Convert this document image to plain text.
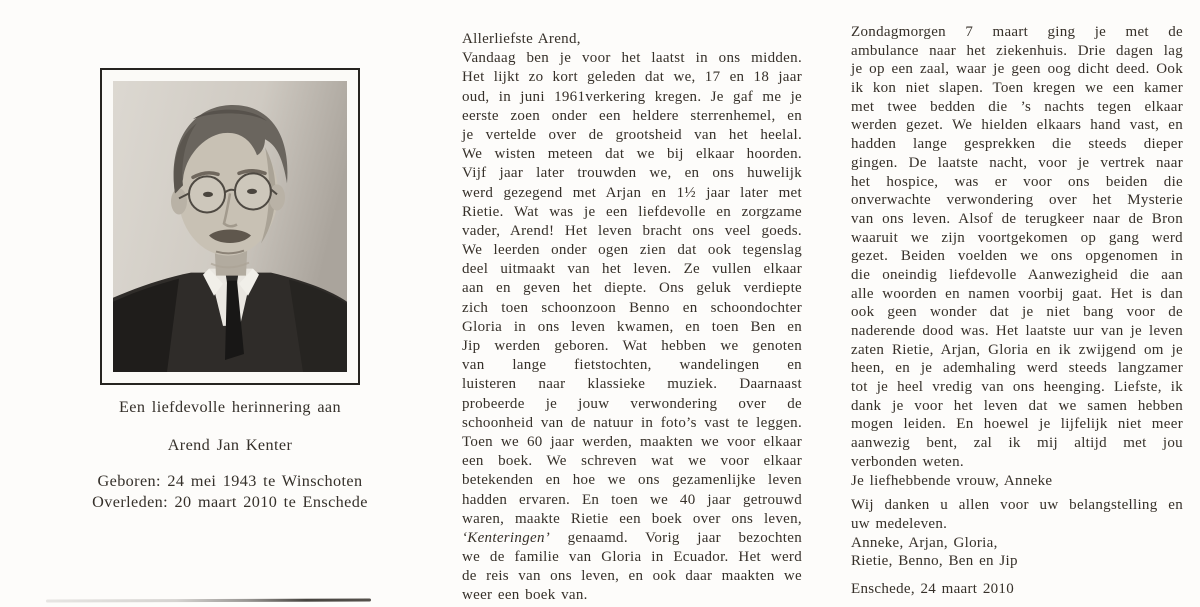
Een liefdevolle herinnering aan
Arend Jan Kenter
Geboren: 24 mei 1943 te Winschoten
Overleden: 20 maart 2010 te Enschede
Allerliefste Arend,
Vandaag ben je voor het laatst in ons midden.
Het lijkt zo kort geleden dat we, 17 en 18 jaar
oud, in juni 1961verkering kregen. Je gaf me je
eerste zoen onder een heldere sterrenhemel, en
je vertelde over de grootsheid van het heelal.
We wisten meteen dat we bij elkaar hoorden.
Vijf jaar later trouwden we, en ons huwelijk
werd gezegend met Arjan en 1½ jaar later met
Rietie. Wat was je een liefdevolle en zorgzame
vader, Arend! Het leven bracht ons veel goeds.
We leerden onder ogen zien dat ook tegenslag
deel uitmaakt van het leven. Ze vullen elkaar
aan en geven het diepte. Ons geluk verdiepte
zich toen schoonzoon Benno en schoondochter
Gloria in ons leven kwamen, en toen Ben en
Jip werden geboren. Wat hebben we genoten
van lange fietstochten, wandelingen en
luisteren naar klassieke muziek. Daarnaast
probeerde je jouw verwondering over de
schoonheid van de natuur in foto’s vast te leggen.
Toen we 60 jaar werden, maakten we voor elkaar
een boek. We schreven wat we voor elkaar
betekenden en hoe we ons gezamenlijke leven
hadden ervaren. En toen we 40 jaar getrouwd
waren, maakte Rietie een boek over ons leven,
‘Kenteringen’ genaamd. Vorig jaar bezochten
we de familie van Gloria in Ecuador. Het werd
de reis van ons leven, en ook daar maakten we
weer een boek van.
Zondagmorgen 7 maart ging je met de
ambulance naar het ziekenhuis. Drie dagen lag
je op een zaal, waar je geen oog dicht deed. Ook
ik kon niet slapen. Toen kregen we een kamer
met twee bedden die ’s nachts tegen elkaar
werden gezet. We hielden elkaars hand vast, en
hadden lange gesprekken die steeds dieper
gingen. De laatste nacht, voor je vertrek naar
het hospice, was er voor ons beiden die
onverwachte verwondering over het Mysterie
van ons leven. Alsof de terugkeer naar de Bron
waaruit we zijn voortgekomen op gang werd
gezet. Beiden voelden we ons opgenomen in
die oneindig liefdevolle Aanwezigheid die aan
alle woorden en namen voorbij gaat. Het is dan
ook geen wonder dat je niet bang voor de
naderende dood was. Het laatste uur van je leven
zaten Rietie, Arjan, Gloria en ik zwijgend om je
heen, en je ademhaling werd steeds langzamer
tot je heel vredig van ons heenging. Liefste, ik
dank je voor het leven dat we samen hebben
mogen leiden. En hoewel je lijfelijk niet meer
aanwezig bent, zal ik mij altijd met jou
verbonden weten.
Je liefhebbende vrouw, Anneke
Wij danken u allen voor uw belangstelling en
uw medeleven.
Anneke, Arjan, Gloria,
Rietie, Benno, Ben en Jip
Enschede, 24 maart 2010
